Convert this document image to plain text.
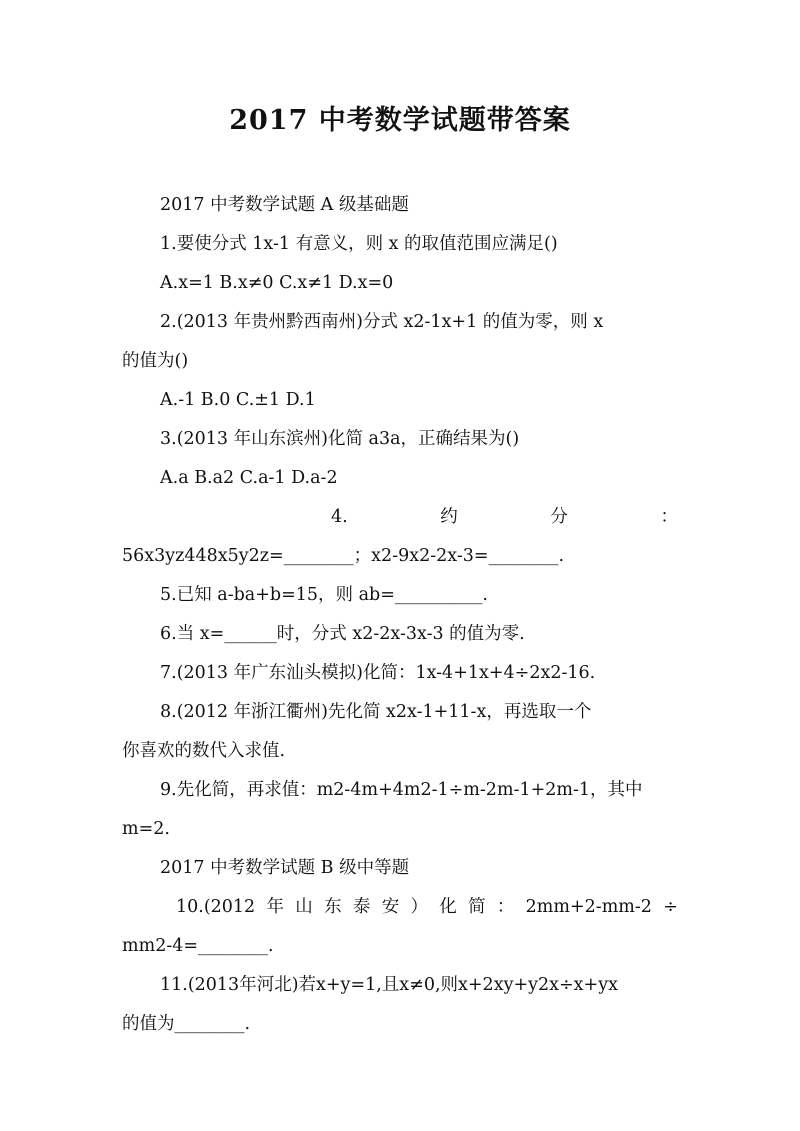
2017 中考数学试题带答案
2017 中考数学试题 A 级基础题
1.要使分式 1x-1 有意义，则 x 的取值范围应满足()
A.x=1 B.x≠0 C.x≠1 D.x=0
2.(2013 年贵州黔西南州)分式 x2-1x+1 的值为零，则 x
的值为()
A.-1 B.0 C.±1 D.1
3.(2013 年山东滨州)化简 a3a，正确结果为()
A.a B.a2 C.a-1 D.a-2
4.	约	分	：
56x3yz448x5y2z=________；x2-9x2-2x-3=________.
5.已知 a-ba+b=15，则 ab=__________.
6.当 x=______时，分式 x2-2x-3x-3 的值为零.
7.(2013 年广东汕头模拟)化简：1x-4+1x+4÷2x2-16.
8.(2012 年浙江衢州)先化简 x2x-1+11-x，再选取一个
你喜欢的数代入求值.
9.先化简，再求值：m2-4m+4m2-1÷m-2m-1+2m-1，其中
m=2.
2017 中考数学试题 B 级中等题
10.(2012 年 山 东 泰 安 ） 化 简 ： 2mm+2-mm-2 ÷
mm2-4=________.
11.(2013年河北)若x+y=1,且x≠0,则x+2xy+y2x÷x+yx
的值为________.
